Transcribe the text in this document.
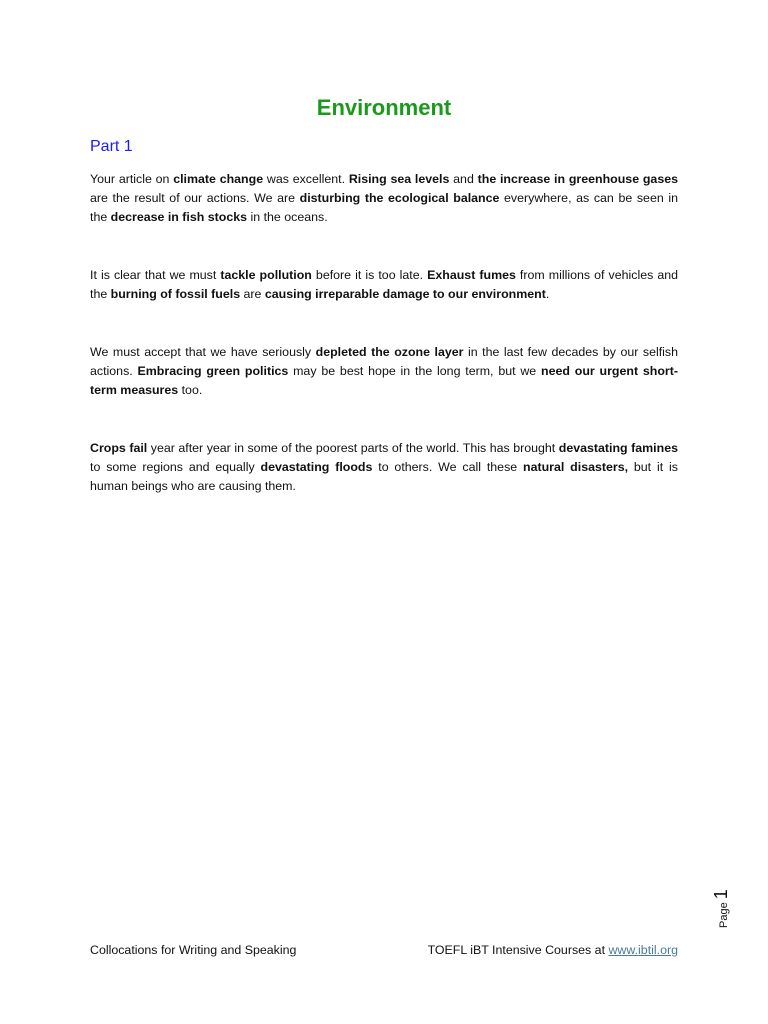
Environment
Part 1

Your article on climate change was excellent. Rising sea levels and the increase in greenhouse gases are the result of our actions. We are disturbing the ecological balance everywhere, as can be seen in the decrease in fish stocks in the oceans.

It is clear that we must tackle pollution before it is too late. Exhaust fumes from millions of vehicles and the burning of fossil fuels are causing irreparable damage to our environment.

We must accept that we have seriously depleted the ozone layer in the last few decades by our selfish actions. Embracing green politics may be best hope in the long term, but we need our urgent short-term measures too.

Crops fail year after year in some of the poorest parts of the world. This has brought devastating famines to some regions and equally devastating floods to others. We call these natural disasters, but it is human beings who are causing them.

Collocations for Writing and Speaking	TOEFL iBT Intensive Courses at www.ibtil.org
Page
1
